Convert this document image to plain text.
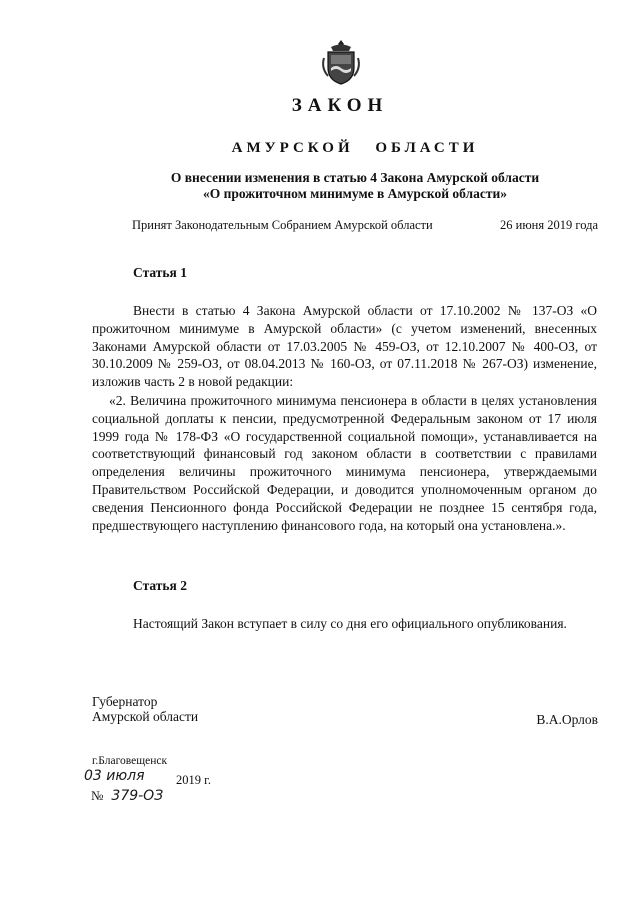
ЗАКОН
АМУРСКОЙ ОБЛАСТИ
О внесении изменения в статью 4 Закона Амурской области
«О прожиточном минимуме в Амурской области»
Принят Законодательным Собранием Амурской области	26 июня 2019 года
Статья 1

Внести в статью 4 Закона Амурской области от 17.10.2002 № 137-ОЗ «О прожиточном минимуме в Амурской области» (с учетом изменений, внесенных Законами Амурской области от 17.03.2005 № 459-ОЗ, от 12.10.2007 № 400-ОЗ, от 30.10.2009 № 259-ОЗ, от 08.04.2013 № 160-ОЗ, от 07.11.2018 № 267-ОЗ) изменение, изложив часть 2 в новой редакции:

«2. Величина прожиточного минимума пенсионера в области в целях установления социальной доплаты к пенсии, предусмотренной Федеральным законом от 17 июля 1999 года № 178-ФЗ «О государственной социальной помощи», устанавливается на соответствующий финансовый год законом области в соответствии с правилами определения величины прожиточного минимума пенсионера, утверждаемыми Правительством Российской Федерации, и доводится уполномоченным органом до сведения Пенсионного фонда Российской Федерации не позднее 15 сентября года, предшествующего наступлению финансового года, на который она установлена.».

Статья 2

Настоящий Закон вступает в силу со дня его официального опубликования.

Губернатор
Амурской области	В.А.Орлов
г.Благовещенск
03 июля	2019 г.
№ 379-ОЗ
